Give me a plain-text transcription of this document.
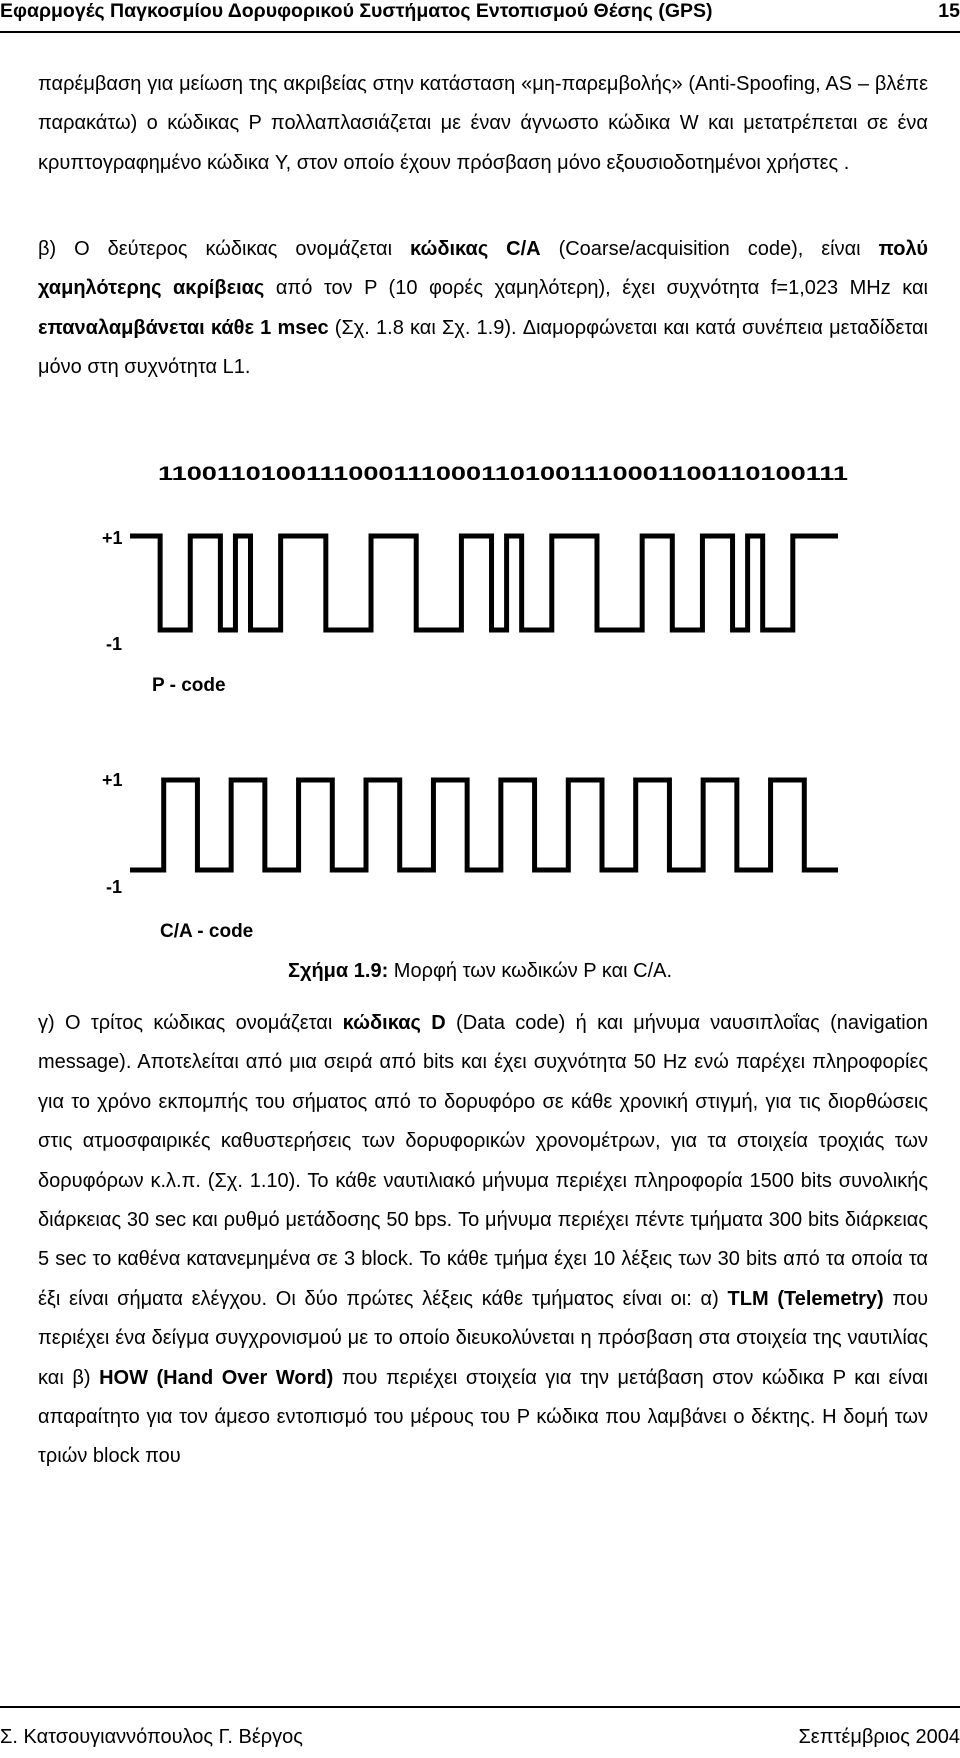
Εφαρμογές Παγκοσμίου Δορυφορικού Συστήματος Εντοπισμού Θέσης (GPS)	15

παρέμβαση για μείωση της ακριβείας στην κατάσταση «μη-παρεμβολής» (Anti-Spoofing, AS – βλέπε παρακάτω) ο κώδικας P πολλαπλασιάζεται με έναν άγνωστο κώδικα W και μετατρέπεται σε ένα κρυπτογραφημένο κώδικα Y, στον οποίο έχουν πρόσβαση μόνο εξουσιοδοτημένοι χρήστες .

β) Ο δεύτερος κώδικας ονομάζεται κώδικας C/A (Coarse/acquisition code), είναι πολύ χαμηλότερης ακρίβειας από τον P (10 φορές χαμηλότερη), έχει συχνότητα f=1,023 MHz και επαναλαμβάνεται κάθε 1 msec (Σχ. 1.8 και Σχ. 1.9). Διαμορφώνεται και κατά συνέπεια μεταδίδεται μόνο στη συχνότητα L1.

11001101001110001110001101001110001100110100111
+1
-1
P - code
+1
-1
C/A - code
Σχήμα 1.9: Μορφή των κωδικών P και C/A.

γ) Ο τρίτος κώδικας ονομάζεται κώδικας D (Data code) ή και μήνυμα ναυσιπλοΐας (navigation message). Αποτελείται από μια σειρά από bits και έχει συχνότητα 50 Hz ενώ παρέχει πληροφορίες για το χρόνο εκπομπής του σήματος από το δορυφόρο σε κάθε χρονική στιγμή, για τις διορθώσεις στις ατμοσφαιρικές καθυστερήσεις των δορυφορικών χρονομέτρων, για τα στοιχεία τροχιάς των δορυφόρων κ.λ.π. (Σχ. 1.10). Το κάθε ναυτιλιακό μήνυμα περιέχει πληροφορία 1500 bits συνολικής διάρκειας 30 sec και ρυθμό μετάδοσης 50 bps. Το μήνυμα περιέχει πέντε τμήματα 300 bits διάρκειας 5 sec το καθένα κατανεμημένα σε 3 block. Το κάθε τμήμα έχει 10 λέξεις των 30 bits από τα οποία τα έξι είναι σήματα ελέγχου. Οι δύο πρώτες λέξεις κάθε τμήματος είναι οι: α) TLM (Telemetry) που περιέχει ένα δείγμα συγχρονισμού με το οποίο διευκολύνεται η πρόσβαση στα στοιχεία της ναυτιλίας και β) HOW (Hand Over Word) που περιέχει στοιχεία για την μετάβαση στον κώδικα P και είναι απαραίτητο για τον άμεσο εντοπισμό του μέρους του P κώδικα που λαμβάνει ο δέκτης. Η δομή των τριών block που

Σ. Κατσουγιαννόπουλος Γ. Βέργος	Σεπτέμβριος 2004
